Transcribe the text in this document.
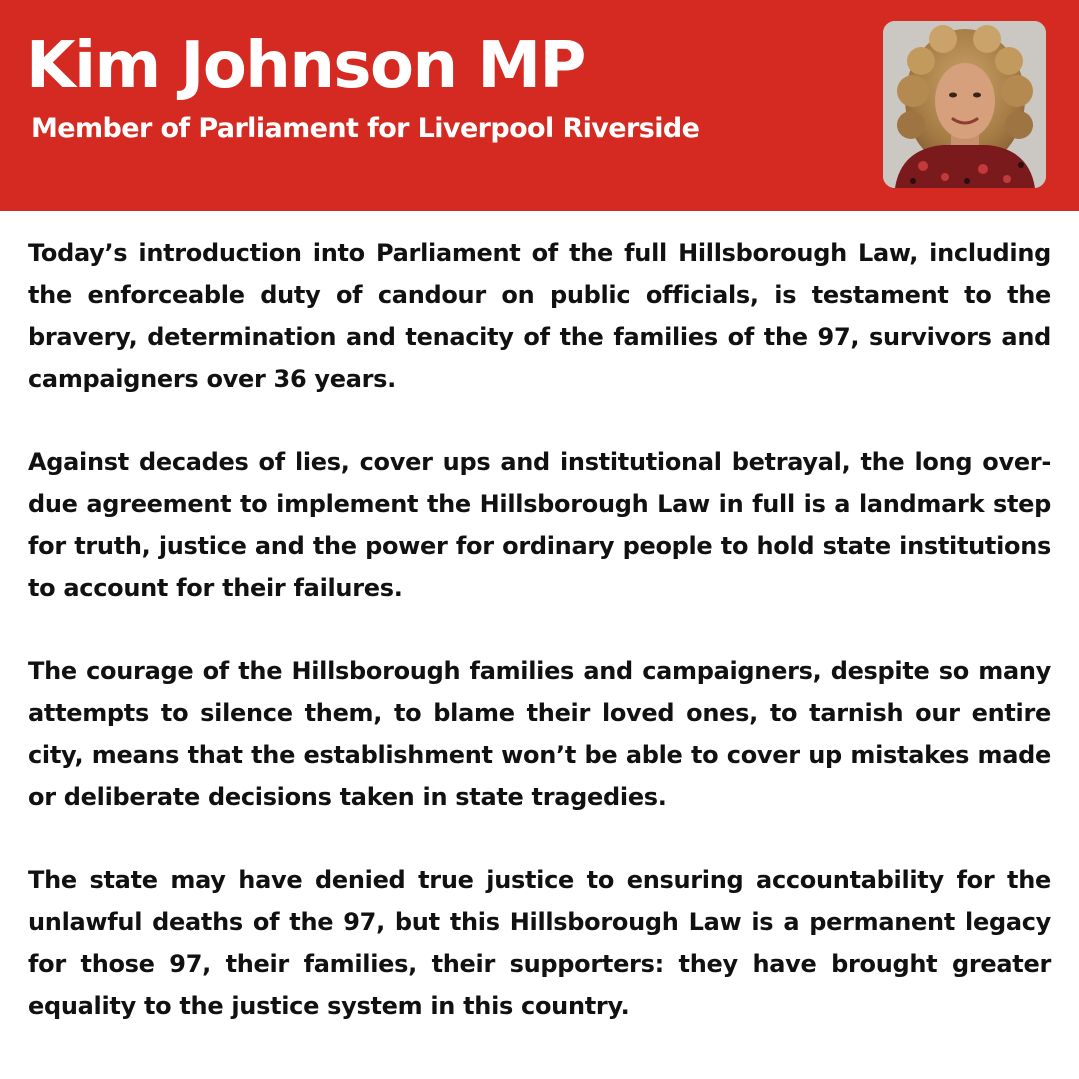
Kim Johnson MP
Member of Parliament for Liverpool Riverside

Today’s introduction into Parliament of the full Hillsborough Law, including the enforceable duty of candour on public officials, is testament to the bravery, determination and tenacity of the families of the 97, survivors and campaigners over 36 years.

Against decades of lies, cover ups and institutional betrayal, the long over-due agreement to implement the Hillsborough Law in full is a landmark step for truth, justice and the power for ordinary people to hold state institutions to account for their failures.

The courage of the Hillsborough families and campaigners, despite so many attempts to silence them, to blame their loved ones, to tarnish our entire city, means that the establishment won’t be able to cover up mistakes made or deliberate decisions taken in state tragedies.

The state may have denied true justice to ensuring accountability for the unlawful deaths of the 97, but this Hillsborough Law is a permanent legacy for those 97, their families, their supporters: they have brought greater equality to the justice system in this country.
